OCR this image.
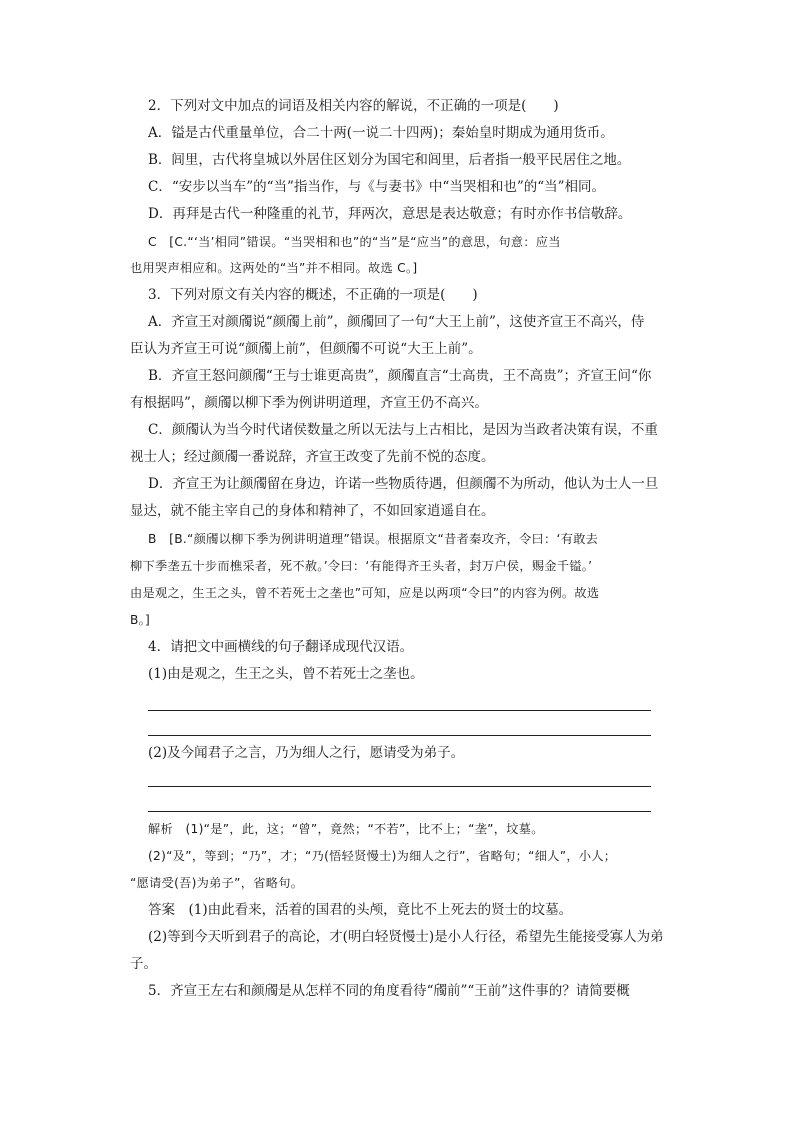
2．下列对文中加点的词语及相关内容的解说，不正确的一项是(　　)
A．镒是古代重量单位，合二十两(一说二十四两)；秦始皇时期成为通用货币。
B．闾里，古代将皇城以外居住区划分为国宅和闾里，后者指一般平民居住之地。
C．“安步以当车”的“当”指当作，与《与妻书》中“当哭相和也”的“当”相同。
D．再拜是古代一种隆重的礼节，拜两次，意思是表达敬意；有时亦作书信敬辞。
C　[C.“‘当’相同”错误。“当哭相和也”的“当”是“应当”的意思，句意：应当
也用哭声相应和。这两处的“当”并不相同。故选 C。]
3．下列对原文有关内容的概述，不正确的一项是(　　)
A．齐宣王对颜斶说“颜斶上前”，颜斶回了一句“大王上前”，这使齐宣王不高兴，侍
臣认为齐宣王可说“颜斶上前”，但颜斶不可说“大王上前”。
B．齐宣王怒问颜斶“王与士谁更高贵”，颜斶直言“士高贵，王不高贵”；齐宣王问“你
有根据吗”，颜斶以柳下季为例讲明道理，齐宣王仍不高兴。
C．颜斶认为当今时代诸侯数量之所以无法与上古相比，是因为当政者决策有误，不重
视士人；经过颜斶一番说辞，齐宣王改变了先前不悦的态度。
D．齐宣王为让颜斶留在身边，许诺一些物质待遇，但颜斶不为所动，他认为士人一旦
显达，就不能主宰自己的身体和精神了，不如回家逍遥自在。
B　[B.“颜斶以柳下季为例讲明道理”错误。根据原文“昔者秦攻齐，令曰：‘有敢去
柳下季垄五十步而樵采者，死不赦。’令曰：‘有能得齐王头者，封万户侯，赐金千镒。’
由是观之，生王之头，曾不若死士之垄也”可知，应是以两项“令曰”的内容为例。故选
B。]
4．请把文中画横线的句子翻译成现代汉语。
(1)由是观之，生王之头，曾不若死士之垄也。
(2)及今闻君子之言，乃为细人之行，愿请受为弟子。
解析　(1)“是”，此，这；“曾”，竟然；“不若”，比不上；“垄”，坟墓。
(2)“及”，等到；“乃”，才；“乃(悟轻贤慢士)为细人之行”，省略句；“细人”，小人；
“愿请受(吾)为弟子”，省略句。
答案　(1)由此看来，活着的国君的头颅，竟比不上死去的贤士的坟墓。
(2)等到今天听到君子的高论，才(明白轻贤慢士)是小人行径，希望先生能接受寡人为弟
子。
5．齐宣王左右和颜斶是从怎样不同的角度看待“斶前”“王前”这件事的？请简要概
